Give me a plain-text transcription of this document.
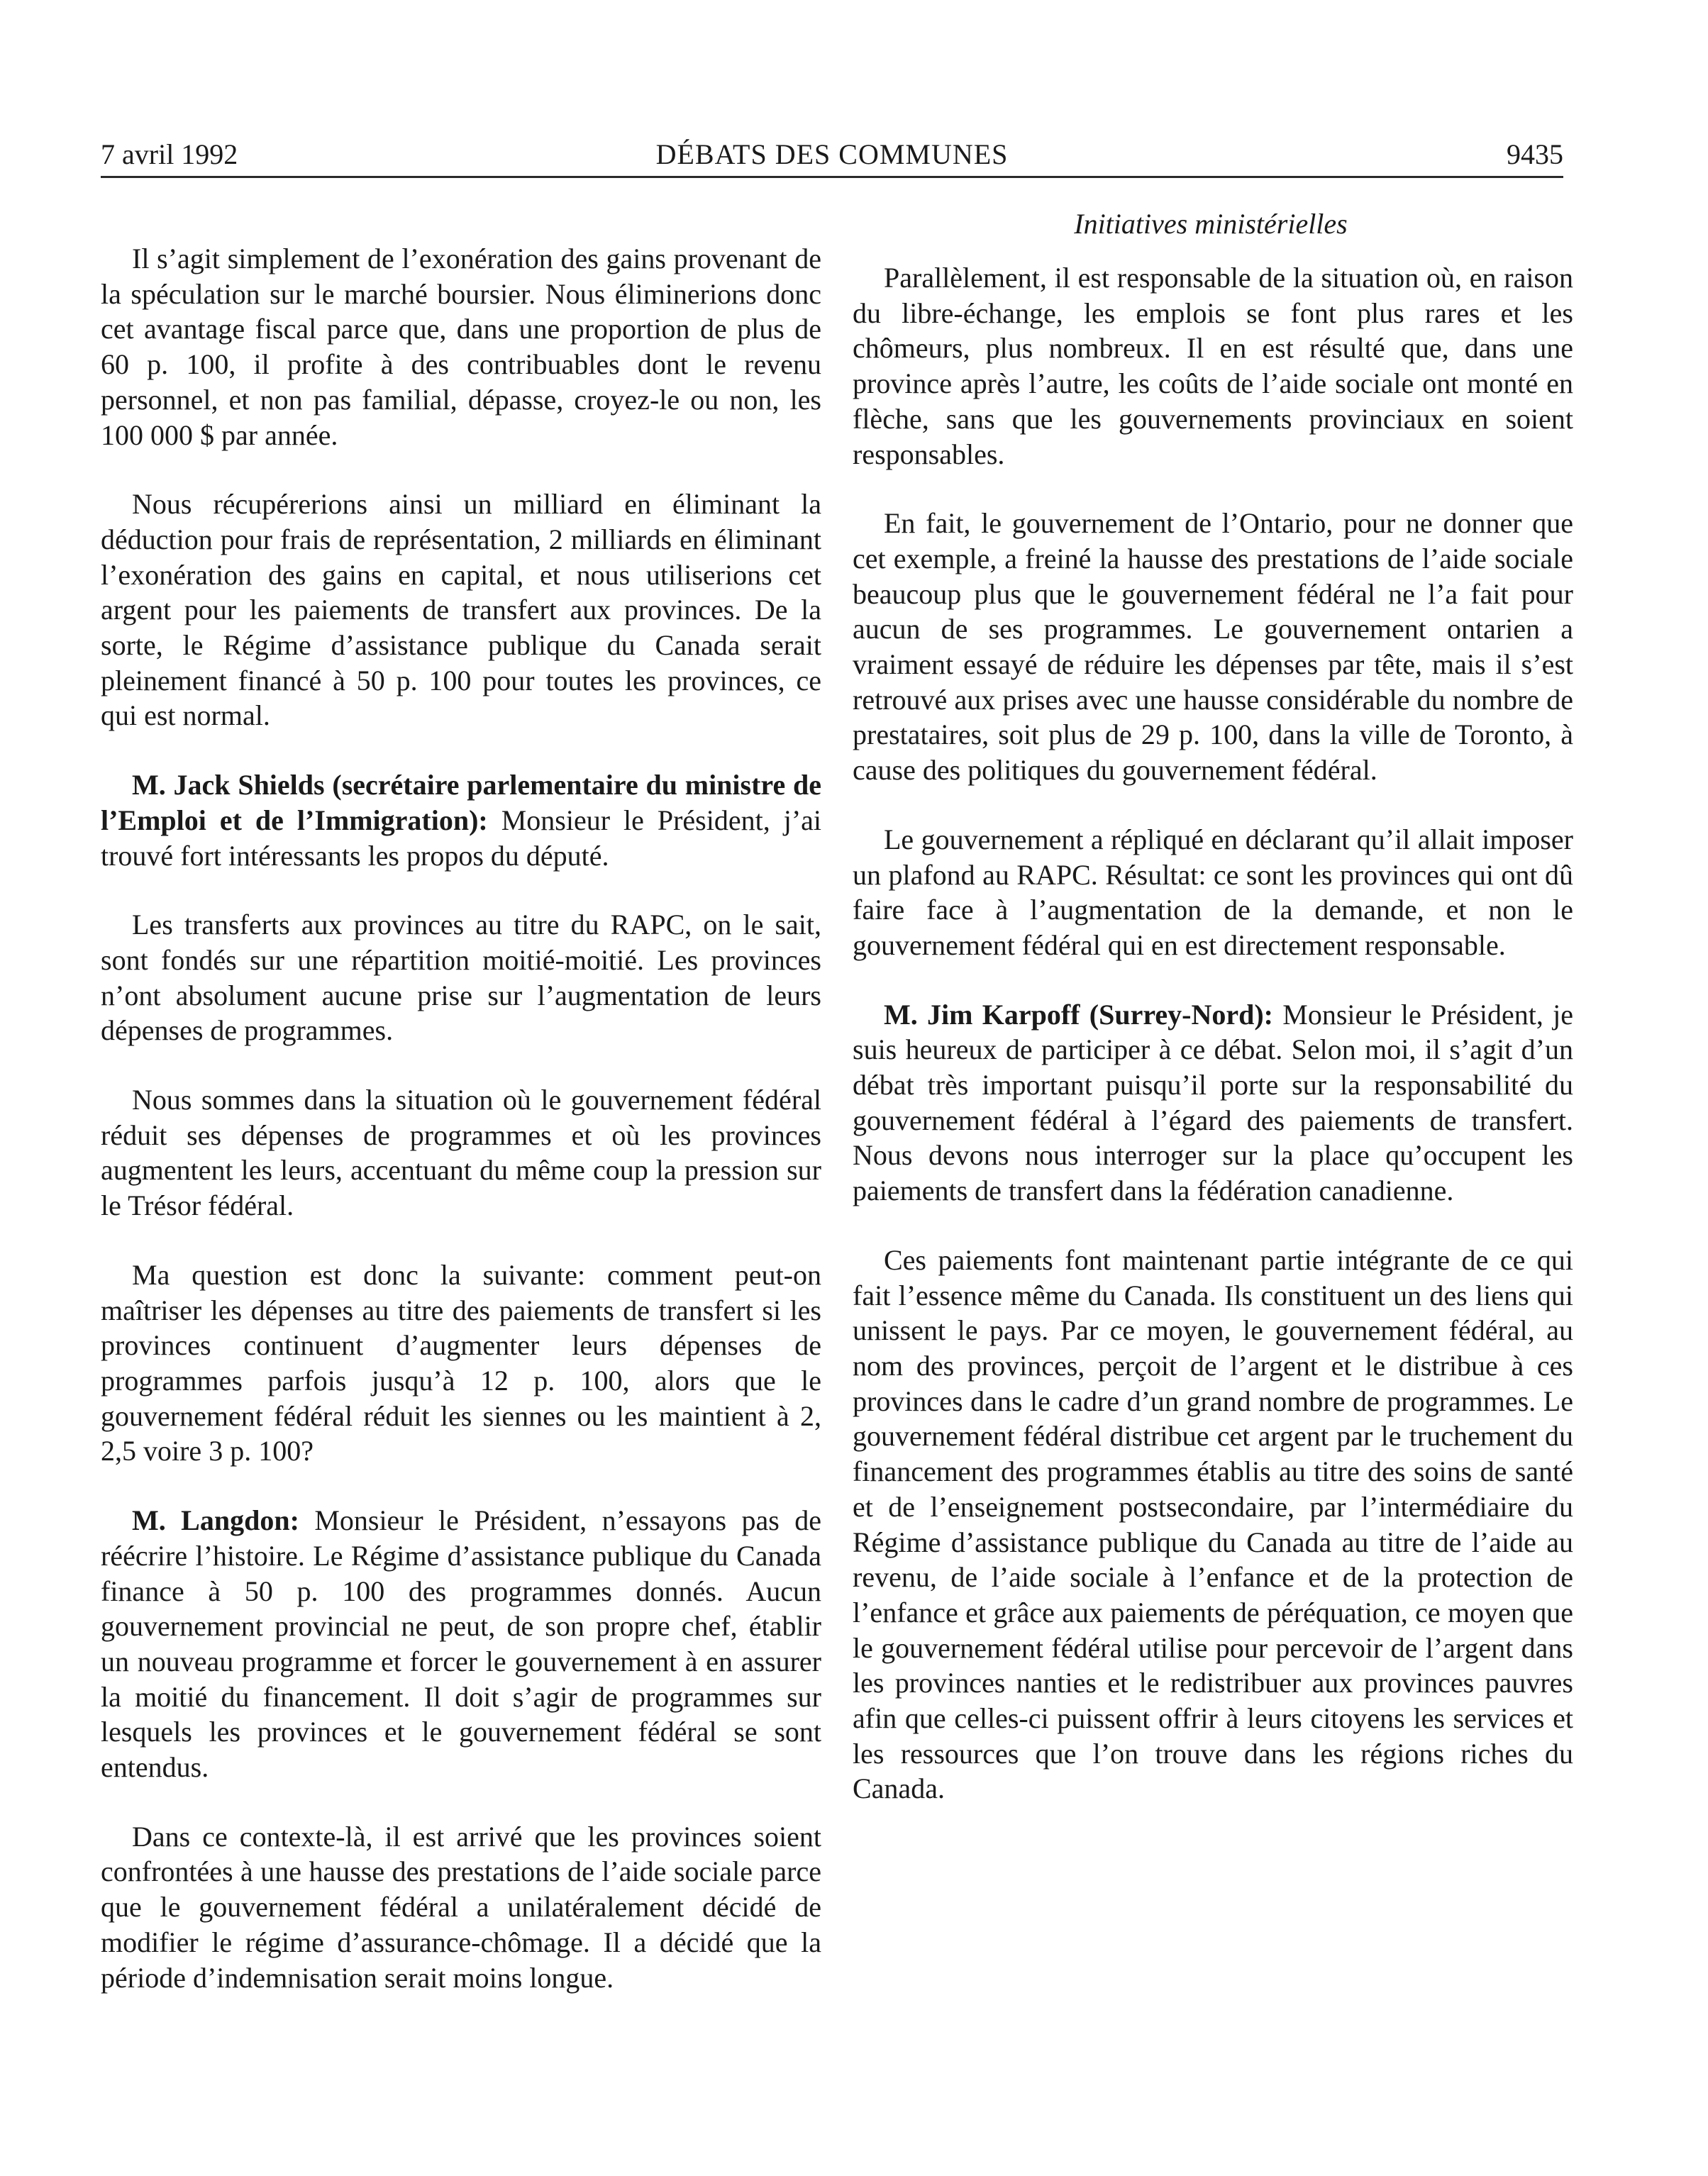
7 avril 1992	DÉBATS DES COMMUNES	9435
Initiatives ministérielles

Il s’agit simplement de l’exonération des gains provenant de la spéculation sur le marché boursier. Nous éliminerions donc cet avantage fiscal parce que, dans une proportion de plus de 60 p. 100, il profite à des contribuables dont le revenu personnel, et non pas familial, dépasse, croyez-le ou non, les 100 000 $ par année.

Nous récupérerions ainsi un milliard en éliminant la déduction pour frais de représentation, 2 milliards en éliminant l’exonération des gains en capital, et nous utiliserions cet argent pour les paiements de transfert aux provinces. De la sorte, le Régime d’assistance publique du Canada serait pleinement financé à 50 p. 100 pour toutes les provinces, ce qui est normal.

M. Jack Shields (secrétaire parlementaire du ministre de l’Emploi et de l’Immigration): Monsieur le Président, j’ai trouvé fort intéressants les propos du député.

Les transferts aux provinces au titre du RAPC, on le sait, sont fondés sur une répartition moitié-moitié. Les provinces n’ont absolument aucune prise sur l’augmentation de leurs dépenses de programmes.

Nous sommes dans la situation où le gouvernement fédéral réduit ses dépenses de programmes et où les provinces augmentent les leurs, accentuant du même coup la pression sur le Trésor fédéral.

Ma question est donc la suivante: comment peut-on maîtriser les dépenses au titre des paiements de transfert si les provinces continuent d’augmenter leurs dépenses de programmes parfois jusqu’à 12 p. 100, alors que le gouvernement fédéral réduit les siennes ou les maintient à 2, 2,5 voire 3 p. 100?

M. Langdon: Monsieur le Président, n’essayons pas de réécrire l’histoire. Le Régime d’assistance publique du Canada finance à 50 p. 100 des programmes donnés. Aucun gouvernement provincial ne peut, de son propre chef, établir un nouveau programme et forcer le gouvernement à en assurer la moitié du financement. Il doit s’agir de programmes sur lesquels les provinces et le gouvernement fédéral se sont entendus.

Dans ce contexte-là, il est arrivé que les provinces soient confrontées à une hausse des prestations de l’aide sociale parce que le gouvernement fédéral a unilatéralement décidé de modifier le régime d’assurance-chômage. Il a décidé que la période d’indemnisation serait moins longue.

Parallèlement, il est responsable de la situation où, en raison du libre-échange, les emplois se font plus rares et les chômeurs, plus nombreux. Il en est résulté que, dans une province après l’autre, les coûts de l’aide sociale ont monté en flèche, sans que les gouvernements provinciaux en soient responsables.

En fait, le gouvernement de l’Ontario, pour ne donner que cet exemple, a freiné la hausse des prestations de l’aide sociale beaucoup plus que le gouvernement fédéral ne l’a fait pour aucun de ses programmes. Le gouvernement ontarien a vraiment essayé de réduire les dépenses par tête, mais il s’est retrouvé aux prises avec une hausse considérable du nombre de prestataires, soit plus de 29 p. 100, dans la ville de Toronto, à cause des politiques du gouvernement fédéral.

Le gouvernement a répliqué en déclarant qu’il allait imposer un plafond au RAPC. Résultat: ce sont les provinces qui ont dû faire face à l’augmentation de la demande, et non le gouvernement fédéral qui en est directement responsable.

M. Jim Karpoff (Surrey-Nord): Monsieur le Président, je suis heureux de participer à ce débat. Selon moi, il s’agit d’un débat très important puisqu’il porte sur la responsabilité du gouvernement fédéral à l’égard des paiements de transfert. Nous devons nous interroger sur la place qu’occupent les paiements de transfert dans la fédération canadienne.

Ces paiements font maintenant partie intégrante de ce qui fait l’essence même du Canada. Ils constituent un des liens qui unissent le pays. Par ce moyen, le gouvernement fédéral, au nom des provinces, perçoit de l’argent et le distribue à ces provinces dans le cadre d’un grand nombre de programmes. Le gouvernement fédéral distribue cet argent par le truchement du financement des programmes établis au titre des soins de santé et de l’enseignement postsecondaire, par l’intermédiaire du Régime d’assistance publique du Canada au titre de l’aide au revenu, de l’aide sociale à l’enfance et de la protection de l’enfance et grâce aux paiements de péréquation, ce moyen que le gouvernement fédéral utilise pour percevoir de l’argent dans les provinces nanties et le redistribuer aux provinces pauvres afin que celles-ci puissent offrir à leurs citoyens les services et les ressources que l’on trouve dans les régions riches du Canada.
